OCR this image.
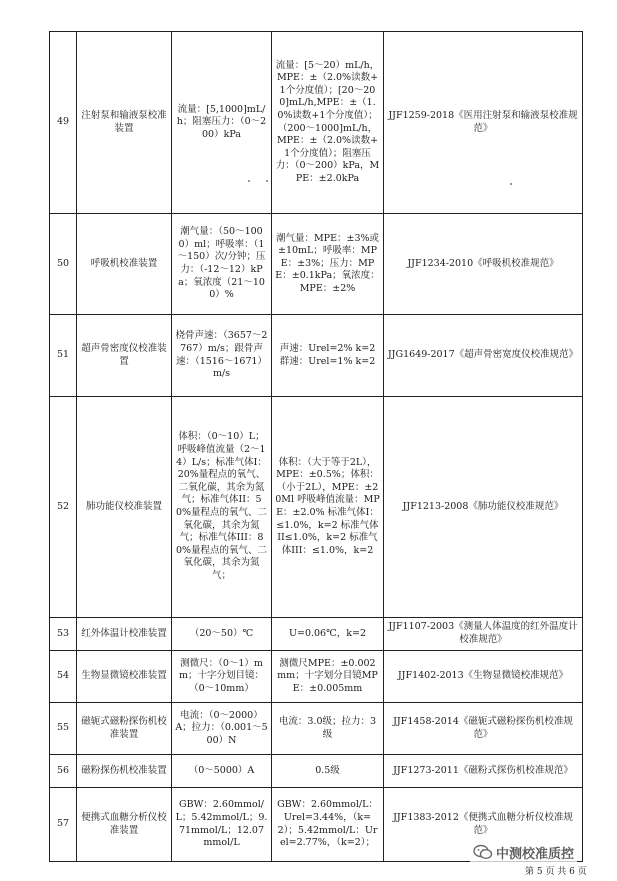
49	注射泵和输液泵校准装置	流量：[5,1000]mL/h；阻塞压力：（0～200）kPa	流量：[5～20）mL/h，MPE：±（2.0%读数+1个分度值）；[20～200]mL/h,MPE：±（1.0%读数+1个分度值）；（200～1000]mL/h，MPE：±（2.0%读数+1个分度值）；阻塞压力：（0～200）kPa，MPE：±2.0kPa	JJF1259-2018《医用注射泵和输液泵校准规范》
50	呼吸机校准装置	潮气量：（50～1000）ml；呼吸率：（1～150）次/分钟；压力：（-12～12）kPa；氧浓度（21～100）%	潮气量：MPE：±3%或±10mL；呼吸率：MPE：±3%；压力：MPE：±0.1kPa；氧浓度：MPE：±2%	JJF1234-2010《呼吸机校准规范》
51	超声骨密度仪校准装置	桡骨声速：（3657～2767）m/s；跟骨声速：（1516～1671）m/s	声速：Urel=2% k=2 群速：Urel=1% k=2	JJG1649-2017《超声骨密宽度仪校准规范》
52	肺功能仪校准装置	体积：（0～10）L；呼吸峰值流量（2～14）L/s；标准气体I：20%量程点的氧气、二氧化碳，其余为氮气；标准气体II：50%量程点的氧气、二氧化碳，其余为氮气；标准气体III：80%量程点的氧气、二氧化碳，其余为氮气；	体积：（大于等于2L），MPE：±0.5%；体积：（小于2L），MPE：±20Ml 呼吸峰值流量：MPE：±2.0% 标准气体I：≤1.0%，k=2 标准气体II≤1.0%，k=2 标准气体III：≤1.0%，k=2	JJF1213-2008《肺功能仪校准规范》
53	红外体温计校准装置	（20～50）℃	U=0.06℃，k=2	JJF1107-2003《测量人体温度的红外温度计校准规范》
54	生物显微镜校准装置	测微尺：（0～1）mm；十字分划目镜：（0～10mm）	测微尺MPE：±0.002mm；十字划分目镜MPE：±0.005mm	JJF1402-2013《生物显微镜校准规范》
55	磁轭式磁粉探伤机校准装置	电流：（0～2000）A；拉力：（0.001～500）N	电流：3.0级；拉力：3级	JJF1458-2014《磁轭式磁粉探伤机校准规范》
56	磁粉探伤机校准装置	（0～5000）A	0.5级	JJF1273-2011《磁粉式探伤机校准规范》
57	便携式血糖分析仪校准装置	GBW：2.60mmol/L；5.42mmol/L；9.71mmol/L；12.07mmol/L	GBW：2.60mmol/L：Urel=3.44%，（k=2）；5.42mmol/L：Urel=2.77%，（k=2）；	JJF1383-2012《便携式血糖分析仪校准规范》
中测校准质控
第 5 页 共 6 页
